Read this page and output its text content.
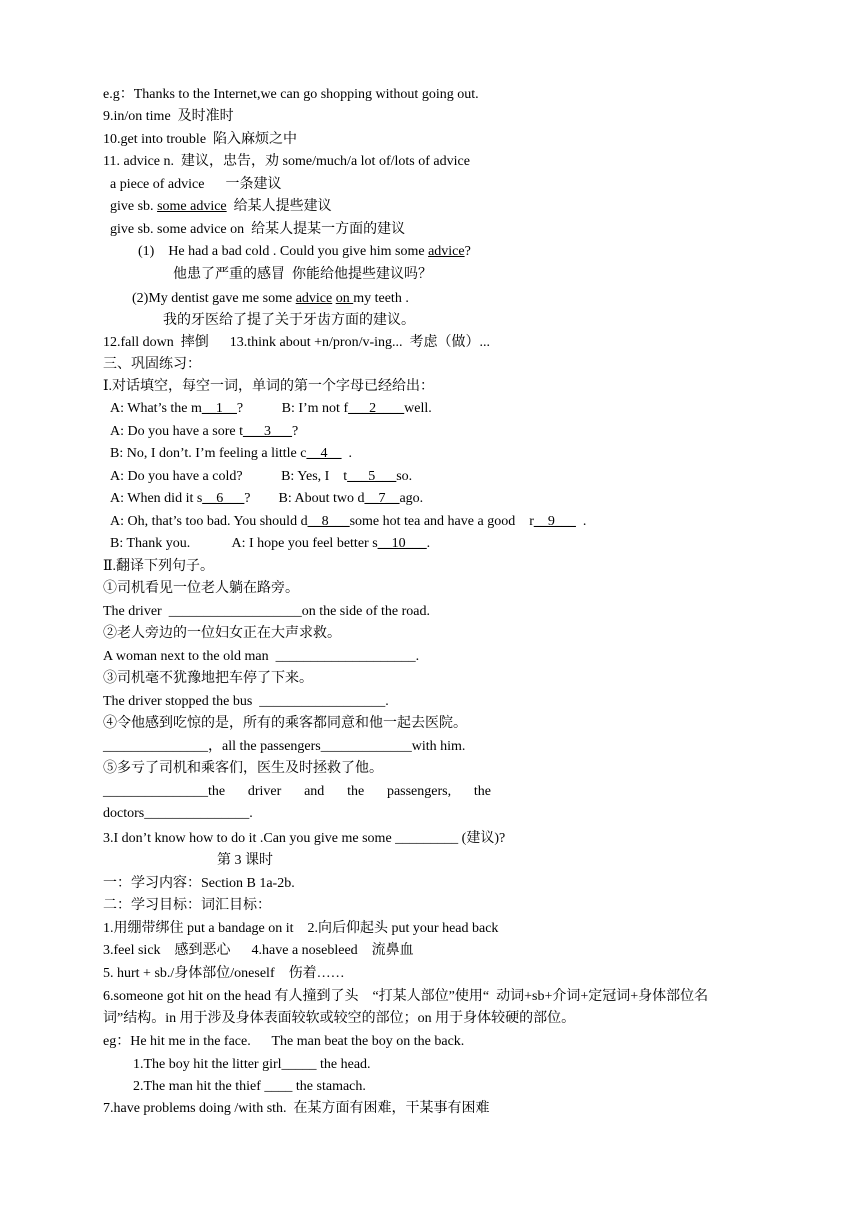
e.g：Thanks to the Internet,we can go shopping without going out.
9.in/on time  及时准时
10.get into trouble  陷入麻烦之中
11. advice n.  建议，忠告，劝 some/much/a lot of/lots of advice
a piece of advice      一条建议
give sb. some advice  给某人提些建议
give sb. some advice on  给某人提某一方面的建议
(1)    He had a bad cold . Could you give him some advice?
他患了严重的感冒  你能给他提些建议吗？
(2)My dentist gave me some advice on my teeth .
我的牙医给了提了关于牙齿方面的建议。
12.fall down  摔倒      13.think about +n/pron/v-ing...  考虑（做）...
三、巩固练习：
Ⅰ.对话填空，每空一词，单词的第一个字母已经给出：
A: What’s the m__1__?           B: I’m not f___2____well.
A: Do you have a sore t___3___?
B: No, I don’t. I’m feeling a little c__4__  .
A: Do you have a cold?           B: Yes, I    t___5___so.
A: When did it s__6___?        B: About two d__7__ago.
A: Oh, that’s too bad. You should d__8___some hot tea and have a good    r__9___  .
B: Thank you.            A: I hope you feel better s__10___.
Ⅱ.翻译下列句子。
①司机看见一位老人躺在路旁。
The driver  ___________________on the side of the road.
②老人旁边的一位妇女正在大声求救。
A woman next to the old man  ____________________.
③司机毫不犹豫地把车停了下来。
The driver stopped the bus  __________________.
④令他感到吃惊的是，所有的乘客都同意和他一起去医院。
_______________，all the passengers_____________with him.
⑤多亏了司机和乘客们，医生及时拯救了他。
_______________the driver and the passengers, the
doctors_______________.
3.I don’t know how to do it .Can you give me some _________ (建议)?
第 3 课时
一：学习内容：Section B 1a-2b.
二：学习目标：词汇目标：
1.用绷带绑住 put a bandage on it    2.向后仰起头 put your head back
3.feel sick    感到恶心      4.have a nosebleed    流鼻血
5. hurt + sb./身体部位/oneself    伤着……
6.someone got hit on the head 有人撞到了头    “打某人部位”使用“  动词+sb+介词+定冠词+身体部位名
词”结构。in 用于涉及身体表面较软或较空的部位；on 用于身体较硬的部位。
eg：He hit me in the face.      The man beat the boy on the back.
1.The boy hit the litter girl_____ the head.
2.The man hit the thief ____ the stamach.
7.have problems doing /with sth.  在某方面有困难，干某事有困难
